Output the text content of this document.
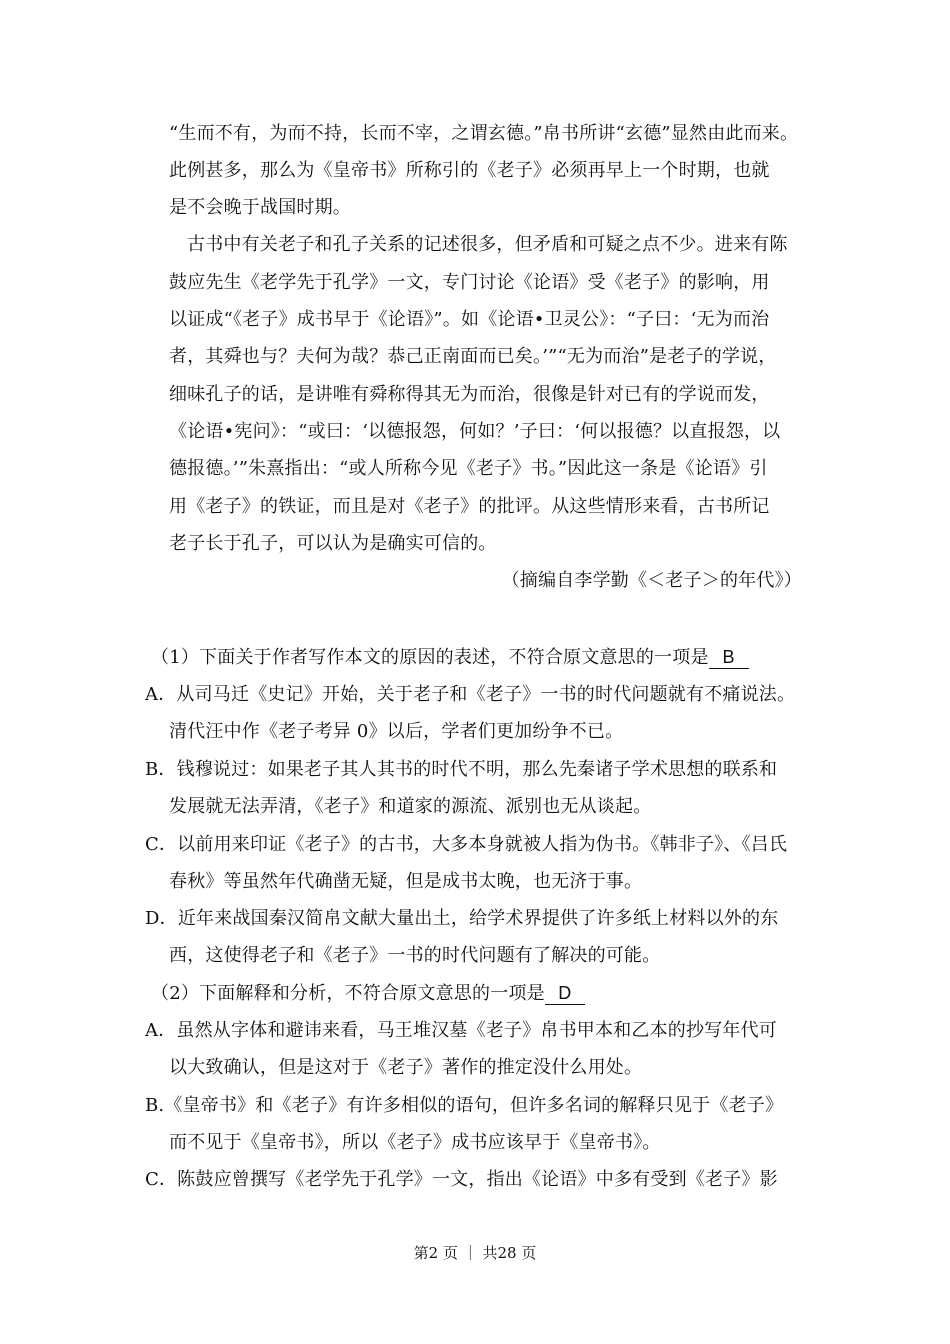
“生而不有，为而不持，长而不宰，之谓玄德。”帛书所讲“玄德”显然由此而来。
此例甚多，那么为《皇帝书》所称引的《老子》必须再早上一个时期，也就
是不会晚于战国时期。
古书中有关老子和孔子关系的记述很多，但矛盾和可疑之点不少。进来有陈
鼓应先生《老学先于孔学》一文，专门讨论《论语》受《老子》的影响，用
以证成“《老子》成书早于《论语》”。如《论语•卫灵公》：“子曰：‘无为而治
者，其舜也与？夫何为哉？恭己正南面而已矣。’”“无为而治”是老子的学说，
细味孔子的话，是讲唯有舜称得其无为而治，很像是针对已有的学说而发，
《论语•宪问》：“或曰：‘以德报怨，何如？’子曰：‘何以报德？以直报怨，以
德报德。’”朱熹指出：“或人所称今见《老子》书。”因此这一条是《论语》引
用《老子》的铁证，而且是对《老子》的批评。从这些情形来看，古书所记
老子长于孔子，可以认为是确实可信的。
（摘编自李学勤《＜老子＞的年代》）
（1）下面关于作者写作本文的原因的表述，不符合原文意思的一项是 B
A．从司马迁《史记》开始，关于老子和《老子》一书的时代问题就有不痛说法。
清代汪中作《老子考异 0》以后，学者们更加纷争不已。
B．钱穆说过：如果老子其人其书的时代不明，那么先秦诸子学术思想的联系和
发展就无法弄清，《老子》和道家的源流、派别也无从谈起。
C．以前用来印证《老子》的古书，大多本身就被人指为伪书。《韩非子》、《吕氏
春秋》等虽然年代确凿无疑，但是成书太晚，也无济于事。
D．近年来战国秦汉简帛文献大量出土，给学术界提供了许多纸上材料以外的东
西，这使得老子和《老子》一书的时代问题有了解决的可能。
（2）下面解释和分析，不符合原文意思的一项是 D
A．虽然从字体和避讳来看，马王堆汉墓《老子》帛书甲本和乙本的抄写年代可
以大致确认，但是这对于《老子》著作的推定没什么用处。
B.《皇帝书》和《老子》有许多相似的语句，但许多名词的解释只见于《老子》
而不见于《皇帝书》，所以《老子》成书应该早于《皇帝书》。
C．陈鼓应曾撰写《老学先于孔学》一文，指出《论语》中多有受到《老子》影
第2 页 ｜ 共28 页
